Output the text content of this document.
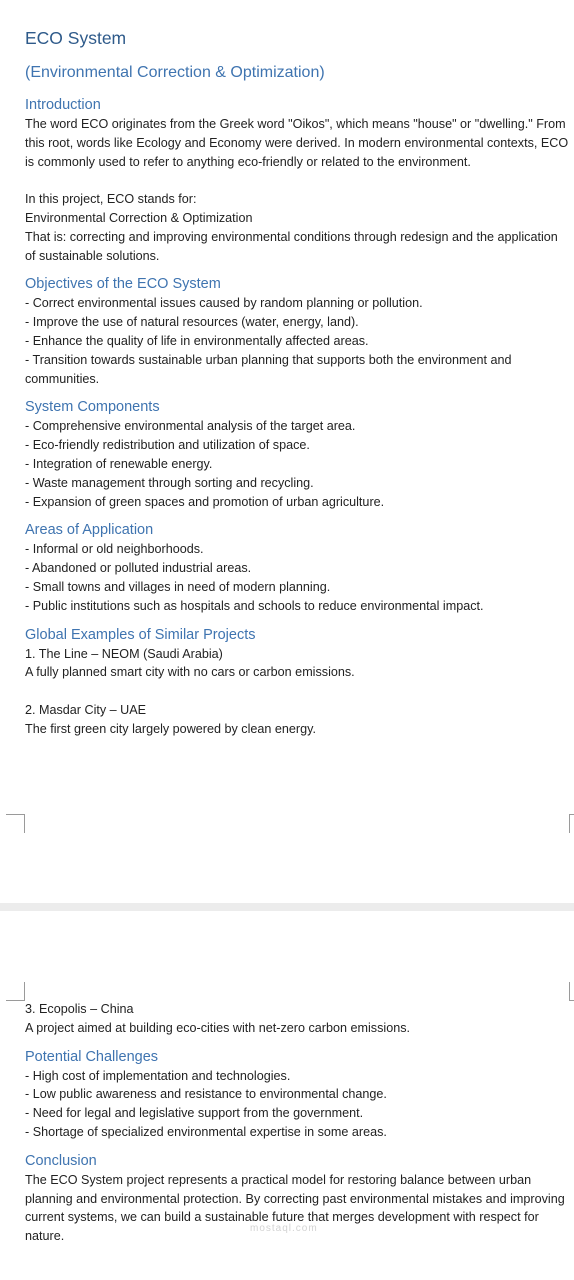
ECO System
(Environmental Correction & Optimization)
Introduction

The word ECO originates from the Greek word "Oikos", which means "house" or "dwelling." From this root, words like Ecology and Economy were derived. In modern environmental contexts, ECO is commonly used to refer to anything eco-friendly or related to the environment.

In this project, ECO stands for:

Environmental Correction & Optimization

That is: correcting and improving environmental conditions through redesign and the application of sustainable solutions.

Objectives of the ECO System
- Correct environmental issues caused by random planning or pollution.
- Improve the use of natural resources (water, energy, land).
- Enhance the quality of life in environmentally affected areas.
- Transition towards sustainable urban planning that supports both the environment and communities.
System Components
- Comprehensive environmental analysis of the target area.
- Eco-friendly redistribution and utilization of space.
- Integration of renewable energy.
- Waste management through sorting and recycling.
- Expansion of green spaces and promotion of urban agriculture.
Areas of Application
- Informal or old neighborhoods.
- Abandoned or polluted industrial areas.
- Small towns and villages in need of modern planning.
- Public institutions such as hospitals and schools to reduce environmental impact.
Global Examples of Similar Projects

1. The Line – NEOM (Saudi Arabia)

A fully planned smart city with no cars or carbon emissions.

2. Masdar City – UAE

The first green city largely powered by clean energy.

3. Ecopolis – China

A project aimed at building eco-cities with net-zero carbon emissions.

Potential Challenges
- High cost of implementation and technologies.
- Low public awareness and resistance to environmental change.
- Need for legal and legislative support from the government.
- Shortage of specialized environmental expertise in some areas.
Conclusion

The ECO System project represents a practical model for restoring balance between urban planning and environmental protection. By correcting past environmental mistakes and improving current systems, we can build a sustainable future that merges development with respect for nature.

mostaql.com
